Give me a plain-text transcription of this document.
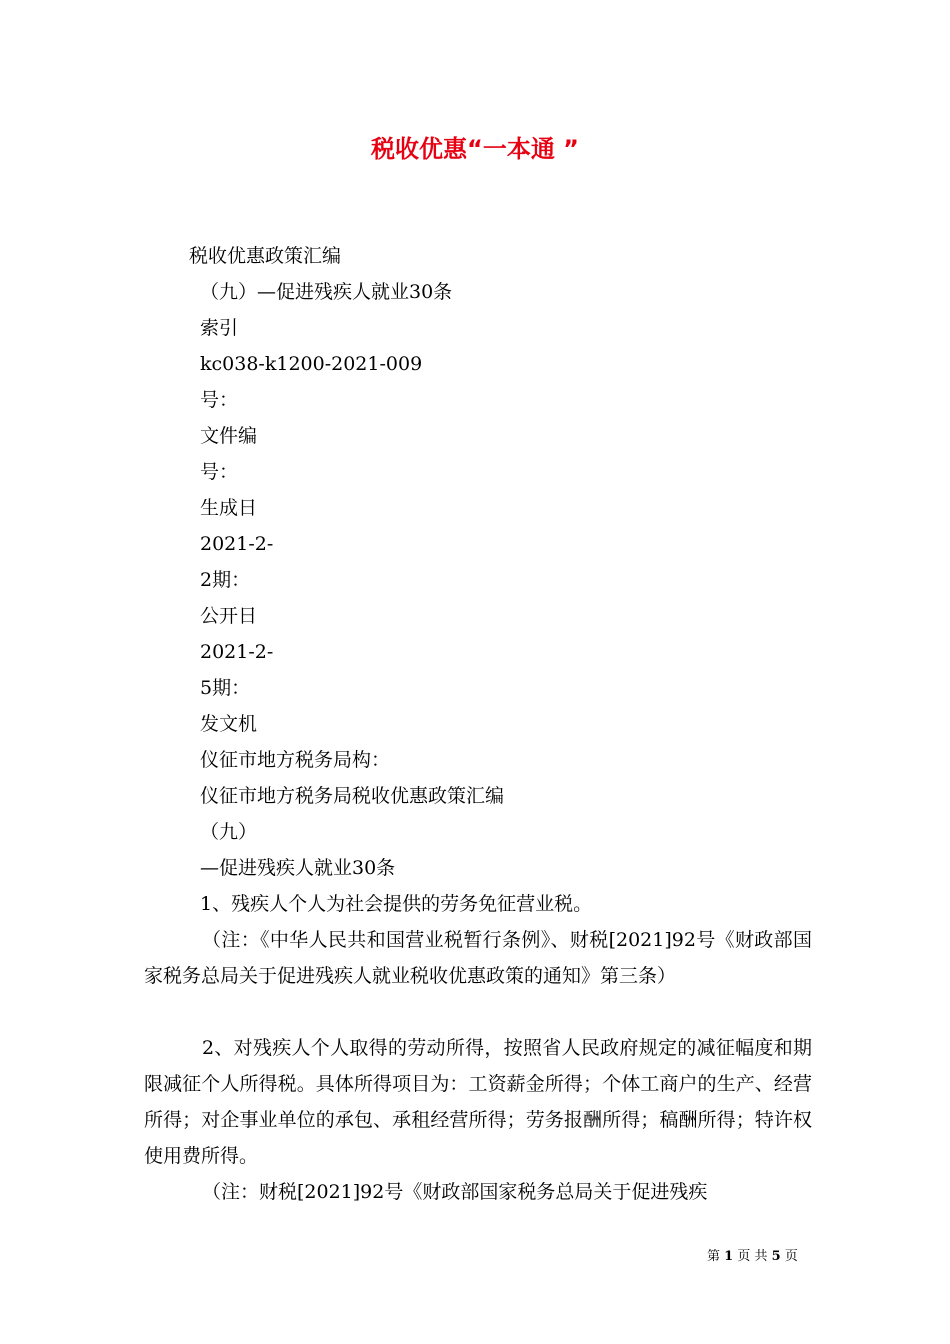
税收优惠“一本通 ”
税收优惠政策汇编
（九）—促进残疾人就业30条
索引
kc038-k1200-2021-009
号：
文件编
号：
生成日
2021-2-
2期：
公开日
2021-2-
5期：
发文机
仪征市地方税务局构：
仪征市地方税务局税收优惠政策汇编
（九）
—促进残疾人就业30条
1、残疾人个人为社会提供的劳务免征营业税。
（注：《中华人民共和国营业税暂行条例》、财税[2021]92号《财政部国家税务总局关于促进残疾人就业税收优惠政策的通知》第三条）
2、对残疾人个人取得的劳动所得，按照省人民政府规定的减征幅度和期限减征个人所得税。具体所得项目为：工资薪金所得；个体工商户的生产、经营所得；对企事业单位的承包、承租经营所得；劳务报酬所得；稿酬所得；特许权使用费所得。
（注：财税[2021]92号《财政部国家税务总局关于促进残疾
第 1 页 共 5 页
